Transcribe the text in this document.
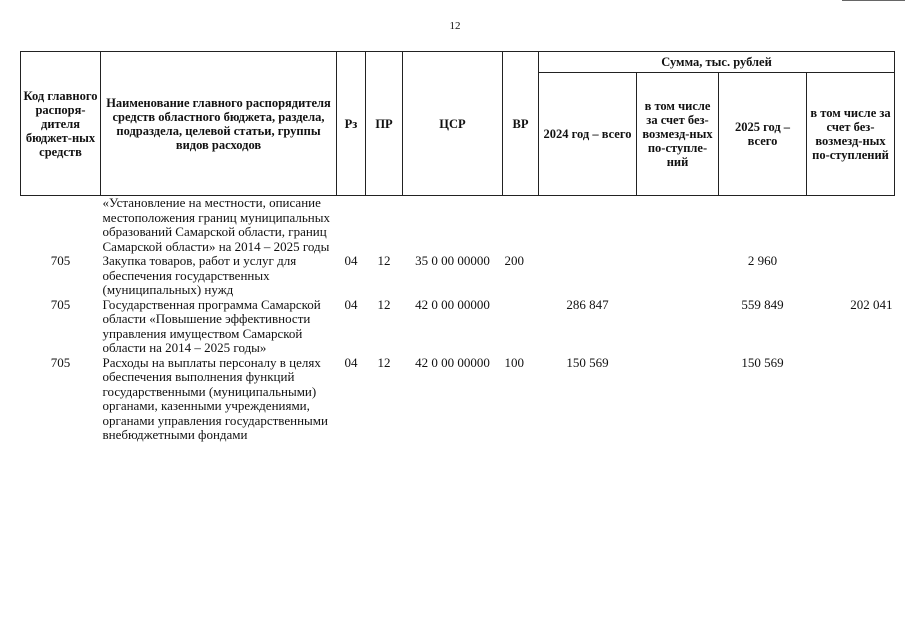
12
Код главного распоря-дителя бюджет-ных средств	Наименование главного распорядителя средств областного бюджета, раздела, подраздела, целевой статьи, группы видов расходов	Рз	ПР	ЦСР	ВР	Сумма, тыс. рублей			
						2024 год – всего	в том числе за счет без-возмезд-ных по-ступле-ний	2025 год – всего	в том числе за счет без-возмезд-ных по-ступлений
	«Установление на местности, описание местоположения границ муниципальных образований Самарской области, границ Самарской области» на 2014 – 2025 годы								
705	Закупка товаров, работ и услуг для обеспечения государственных (муниципальных) нужд	04	12	35 0 00 00000	200			2 960	
705	Государственная программа Самарской области «Повышение эффективности управления имуществом Самарской области на 2014 – 2025 годы»	04	12	42 0 00 00000		286 847		559 849	202 041
705	Расходы на выплаты персоналу в целях обеспечения выполнения функций государственными (муниципальными) органами, казенными учреждениями, органами управления государственными внебюджетными фондами	04	12	42 0 00 00000	100	150 569		150 569	
